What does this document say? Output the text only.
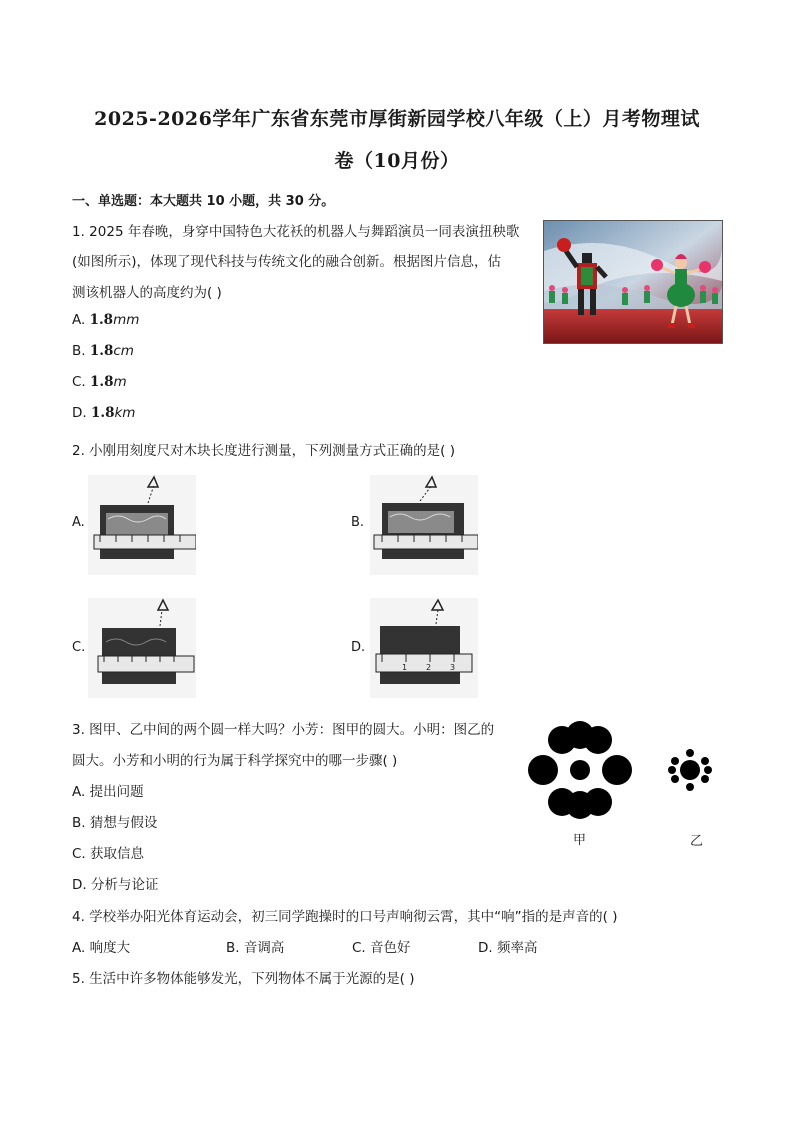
2025-2026学年广东省东莞市厚街新园学校八年级（上）月考物理试
卷（10月份）
一、单选题：本大题共 10 小题，共 30 分。
1. 2025 年春晚，身穿中国特色大花袄的机器人与舞蹈演员一同表演扭秧歌
(如图所示)，体现了现代科技与传统文化的融合创新。根据图片信息，估
测该机器人的高度约为( )
A. 1.8mm
B. 1.8cm
C. 1.8m
D. 1.8km
2. 小刚用刻度尺对木块长度进行测量，下列测量方式正确的是( )
A.	B.
C.	D.
1 2 3
3. 图甲、乙中间的两个圆一样大吗？小芳：图甲的圆大。小明：图乙的
圆大。小芳和小明的行为属于科学探究中的哪一步骤( )
A. 提出问题
B. 猜想与假设
C. 获取信息
D. 分析与论证
甲	乙
4. 学校举办阳光体育运动会，初三同学跑操时的口号声响彻云霄，其中“响”指的是声音的( )
A. 响度大	B. 音调高	C. 音色好	D. 频率高
5. 生活中许多物体能够发光，下列物体不属于光源的是( )
